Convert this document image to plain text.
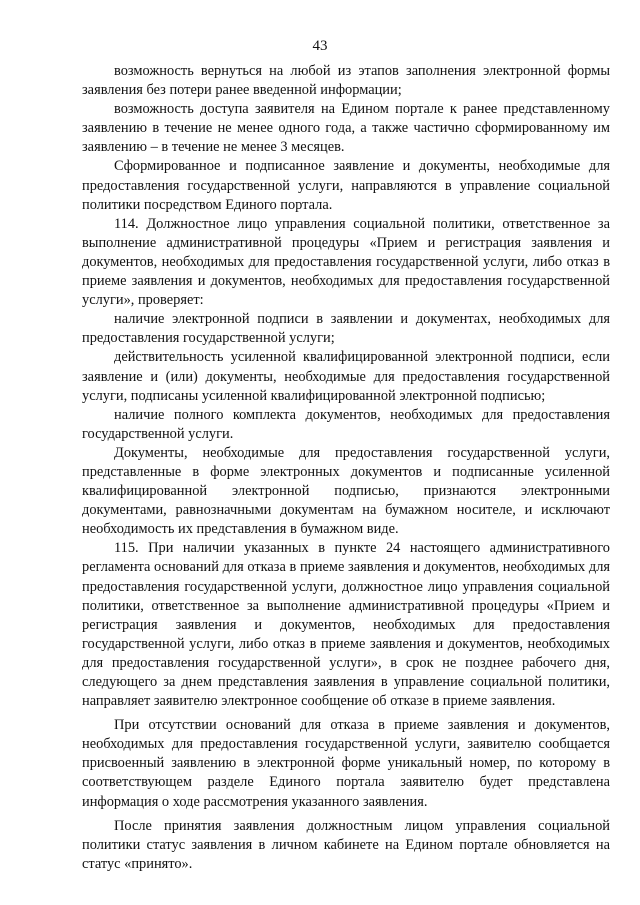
43

возможность вернуться на любой из этапов заполнения электронной формы заявления без потери ранее введенной информации;

возможность доступа заявителя на Едином портале к ранее представленному заявлению в течение не менее одного года, а также частично сформированному им заявлению – в течение не менее 3 месяцев.

Сформированное и подписанное заявление и документы, необходимые для предоставления государственной услуги, направляются в управление социальной политики посредством Единого портала.

114. Должностное лицо управления социальной политики, ответственное за выполнение административной процедуры «Прием и регистрация заявления и документов, необходимых для предоставления государственной услуги, либо отказ в приеме заявления и документов, необходимых для предоставления государственной услуги», проверяет:

наличие электронной подписи в заявлении и документах, необходимых для предоставления государственной услуги;

действительность усиленной квалифицированной электронной подписи, если заявление и (или) документы, необходимые для предоставления государственной услуги, подписаны усиленной квалифицированной электронной подписью;

наличие полного комплекта документов, необходимых для предоставления государственной услуги.

Документы, необходимые для предоставления государственной услуги, представленные в форме электронных документов и подписанные усиленной квалифицированной электронной подписью, признаются электронными документами, равнозначными документам на бумажном носителе, и исключают необходимость их представления в бумажном виде.

115. При наличии указанных в пункте 24 настоящего административного регламента оснований для отказа в приеме заявления и документов, необходимых для предоставления государственной услуги, должностное лицо управления социальной политики, ответственное за выполнение административной процедуры «Прием и регистрация заявления и документов, необходимых для предоставления государственной услуги, либо отказ в приеме заявления и документов, необходимых для предоставления государственной услуги», в срок не позднее рабочего дня, следующего за днем представления заявления в управление социальной политики, направляет заявителю электронное сообщение об отказе в приеме заявления.

При отсутствии оснований для отказа в приеме заявления и документов, необходимых для предоставления государственной услуги, заявителю сообщается присвоенный заявлению в электронной форме уникальный номер, по которому в соответствующем разделе Единого портала заявителю будет представлена информация о ходе рассмотрения указанного заявления.

После принятия заявления должностным лицом управления социальной политики статус заявления в личном кабинете на Едином портале обновляется на статус «принято».
